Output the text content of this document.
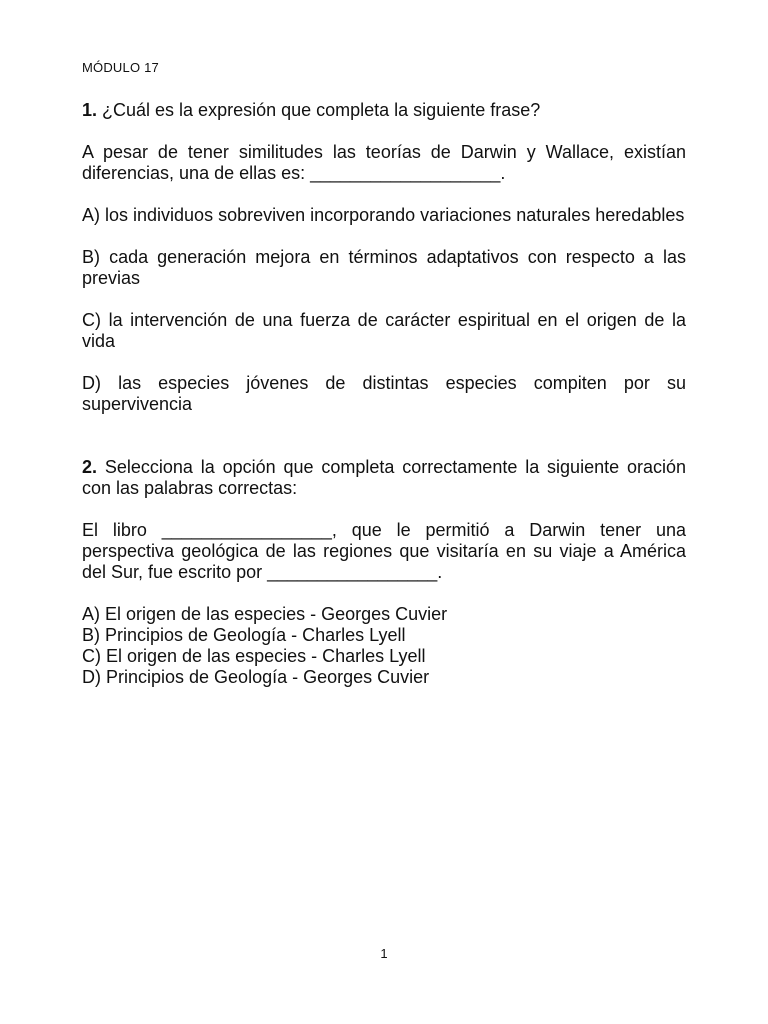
MÓDULO 17
1. ¿Cuál es la expresión que completa la siguiente frase?
A pesar de tener similitudes las teorías de Darwin y Wallace, existían diferencias, una de ellas es: ___________________.
A) los individuos sobreviven incorporando variaciones naturales heredables
B) cada generación mejora en términos adaptativos con respecto a las previas
C) la intervención de una fuerza de carácter espiritual en el origen de la vida
D) las especies jóvenes de distintas especies compiten por su supervivencia
2. Selecciona la opción que completa correctamente la siguiente oración con las palabras correctas:
El libro _________________, que le permitió a Darwin tener una perspectiva geológica de las regiones que visitaría en su viaje a América del Sur, fue escrito por _________________.
A) El origen de las especies - Georges Cuvier
B) Principios de Geología - Charles Lyell
C) El origen de las especies - Charles Lyell
D) Principios de Geología - Georges Cuvier
1
